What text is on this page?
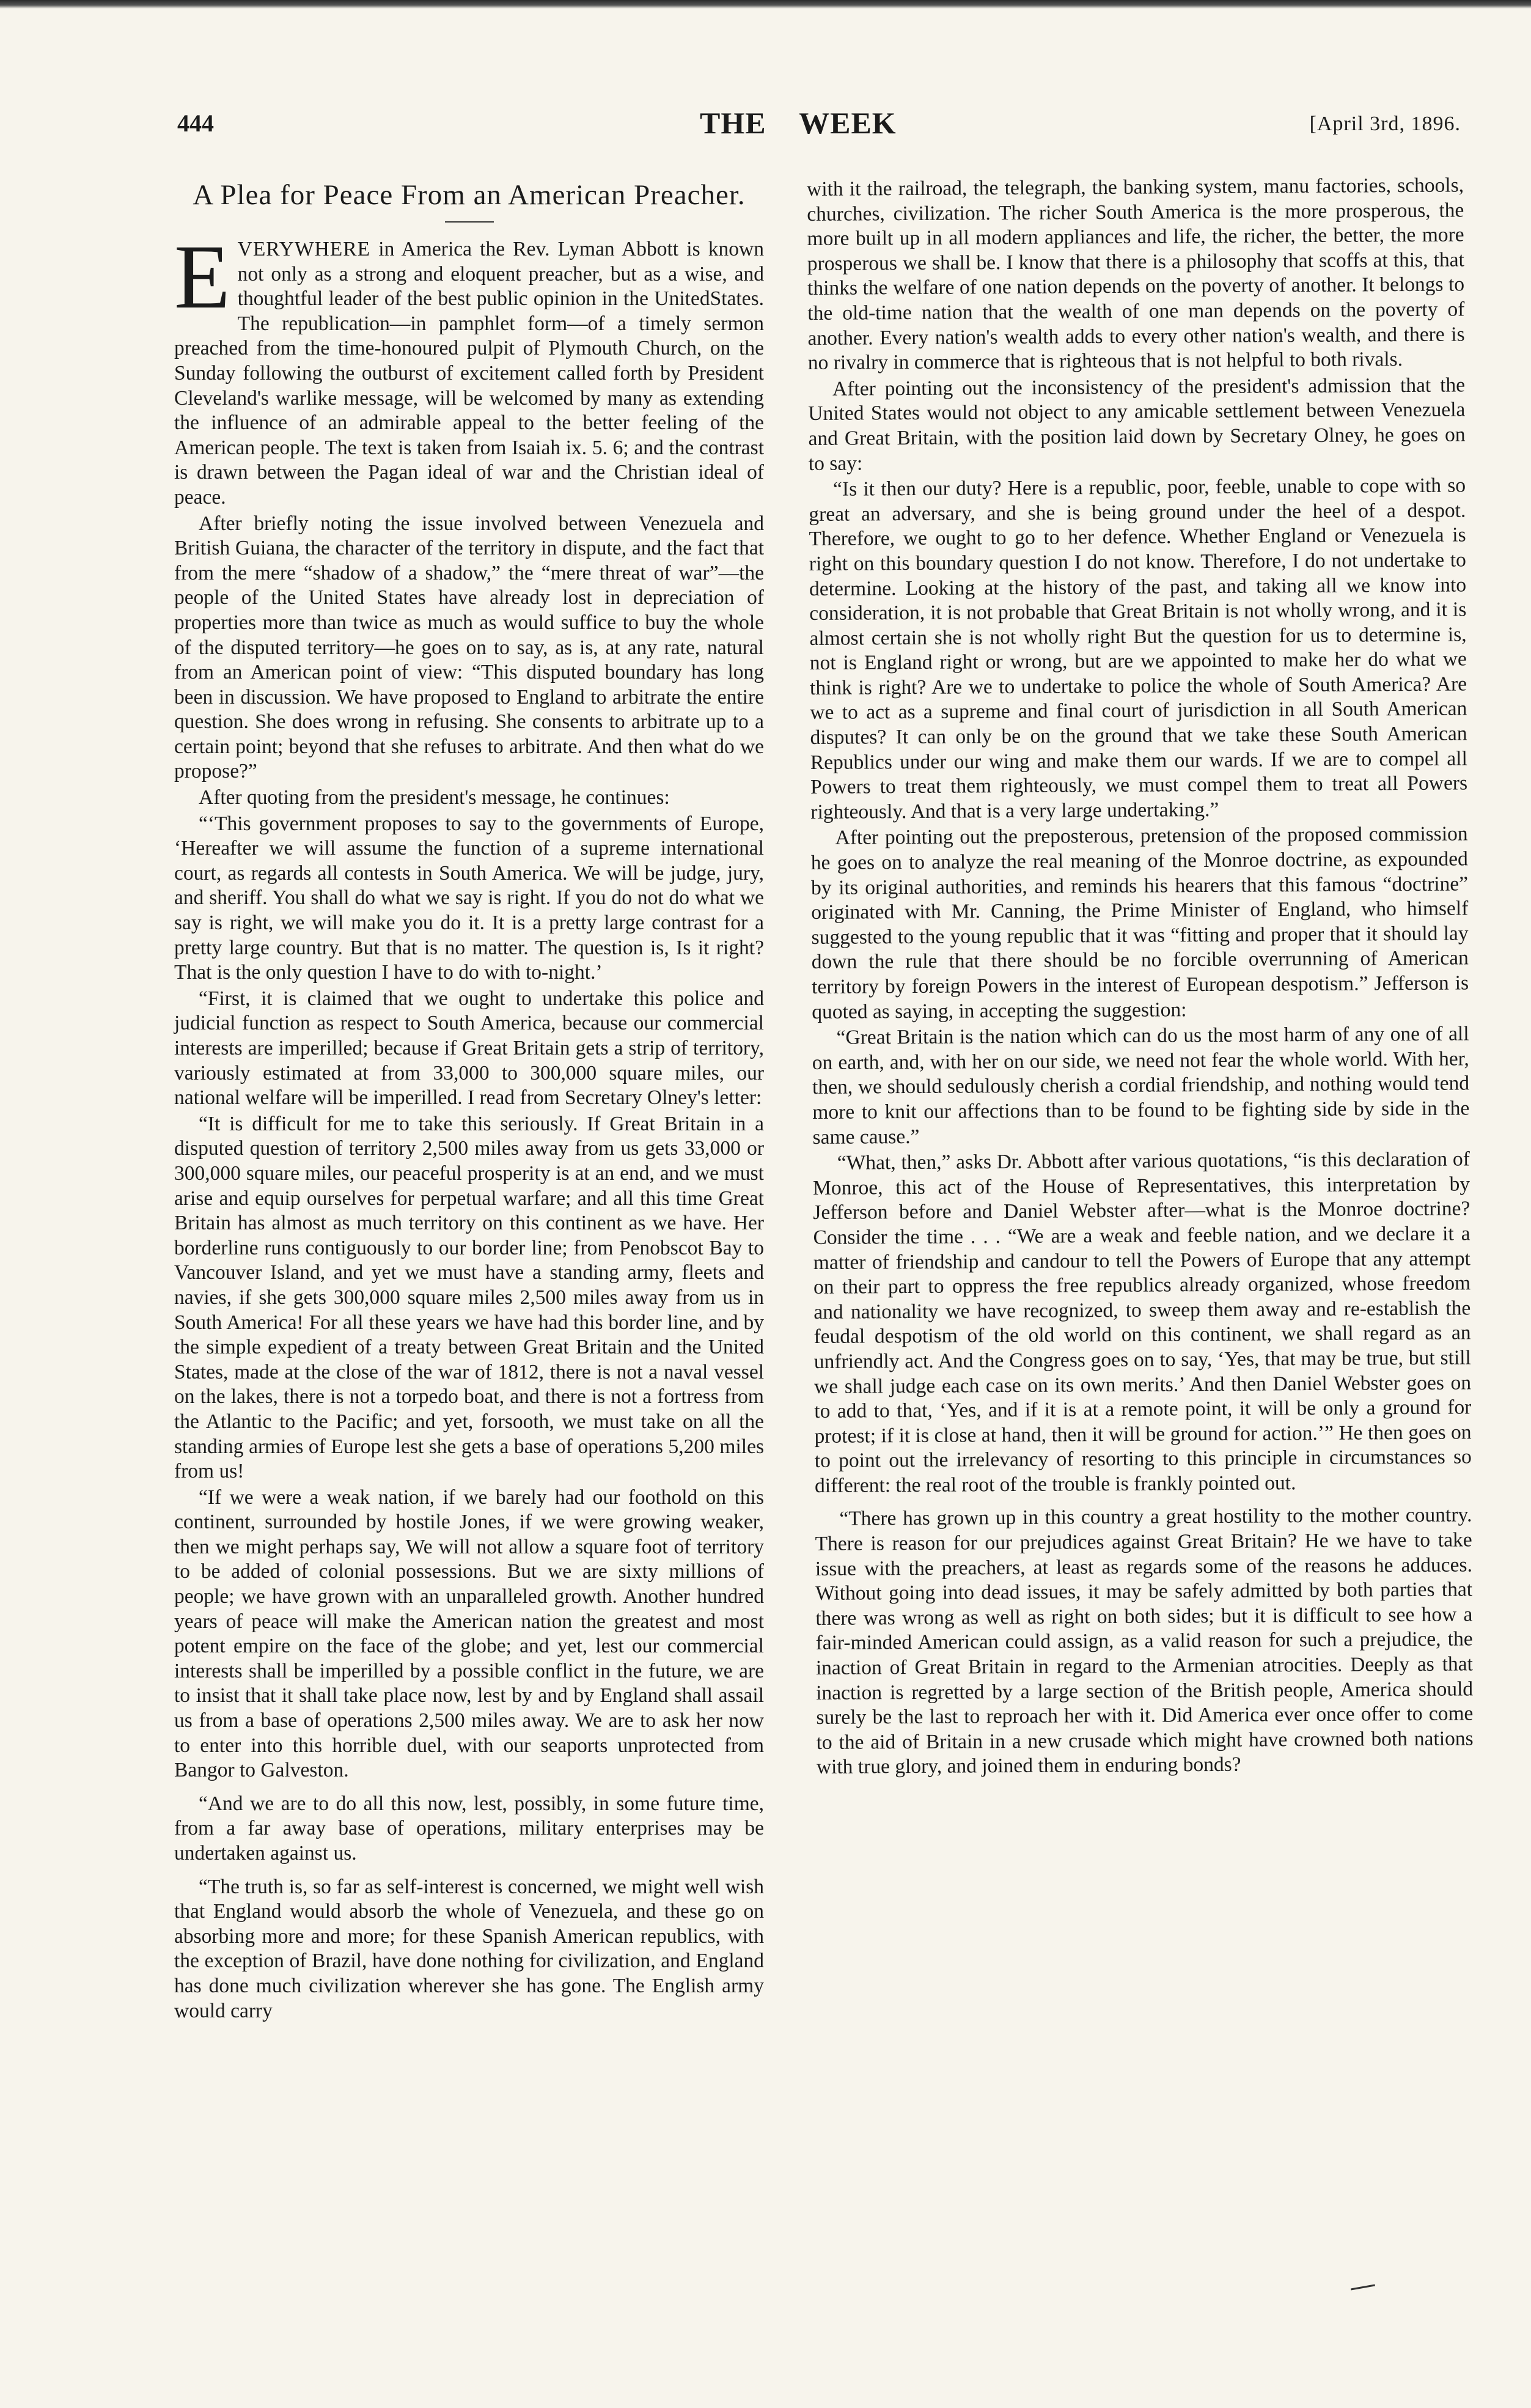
444	THE WEEK	[April 3rd, 1896.
A Plea for Peace From an American Preacher.

EVERYWHERE in America the Rev. Lyman Abbott is known not only as a strong and eloquent preacher, but as a wise, and thoughtful leader of the best public opinion in the UnitedStates. The republication—in pamphlet form—of a timely sermon preached from the time-honoured pulpit of Plymouth Church, on the Sunday following the outburst of excitement called forth by President Cleveland's warlike message, will be welcomed by many as extending the influence of an admirable appeal to the better feeling of the American people. The text is taken from Isaiah ix. 5. 6; and the contrast is drawn between the Pagan ideal of war and the Christian ideal of peace.

After briefly noting the issue involved between Venezuela and British Guiana, the character of the territory in dispute, and the fact that from the mere “shadow of a shadow,” the “mere threat of war”—the people of the United States have already lost in depreciation of properties more than twice as much as would suffice to buy the whole of the disputed territory—he goes on to say, as is, at any rate, natural from an American point of view: “This disputed boundary has long been in discussion. We have proposed to England to arbitrate the entire question. She does wrong in refusing. She consents to arbitrate up to a certain point; beyond that she refuses to arbitrate. And then what do we propose?”

After quoting from the president's message, he continues:

“‘This government proposes to say to the governments of Europe, ‘Hereafter we will assume the function of a supreme international court, as regards all contests in South America. We will be judge, jury, and sheriff. You shall do what we say is right. If you do not do what we say is right, we will make you do it. It is a pretty large contrast for a pretty large country. But that is no matter. The question is, Is it right? That is the only question I have to do with to-night.’

“First, it is claimed that we ought to undertake this police and judicial function as respect to South America, because our commercial interests are imperilled; because if Great Britain gets a strip of territory, variously estimated at from 33,000 to 300,000 square miles, our national welfare will be imperilled. I read from Secretary Olney's letter:

“It is difficult for me to take this seriously. If Great Britain in a disputed question of territory 2,500 miles away from us gets 33,000 or 300,000 square miles, our peaceful prosperity is at an end, and we must arise and equip ourselves for perpetual warfare; and all this time Great Britain has almost as much territory on this continent as we have. Her borderline runs contiguously to our border line; from Penobscot Bay to Vancouver Island, and yet we must have a standing army, fleets and navies, if she gets 300,000 square miles 2,500 miles away from us in South America! For all these years we have had this border line, and by the simple expedient of a treaty between Great Britain and the United States, made at the close of the war of 1812, there is not a naval vessel on the lakes, there is not a torpedo boat, and there is not a fortress from the Atlantic to the Pacific; and yet, forsooth, we must take on all the standing armies of Europe lest she gets a base of operations 5,200 miles from us!

“If we were a weak nation, if we barely had our foothold on this continent, surrounded by hostile Jones, if we were growing weaker, then we might perhaps say, We will not allow a square foot of territory to be added of colonial possessions. But we are sixty millions of people; we have grown with an unparalleled growth. Another hundred years of peace will make the American nation the greatest and most potent empire on the face of the globe; and yet, lest our commercial interests shall be imperilled by a possible conflict in the future, we are to insist that it shall take place now, lest by and by England shall assail us from a base of operations 2,500 miles away. We are to ask her now to enter into this horrible duel, with our seaports unprotected from Bangor to Galveston.

“And we are to do all this now, lest, possibly, in some future time, from a far away base of operations, military enterprises may be undertaken against us.

“The truth is, so far as self-interest is concerned, we might well wish that England would absorb the whole of Venezuela, and these go on absorbing more and more; for these Spanish American republics, with the exception of Brazil, have done nothing for civilization, and England has done much civilization wherever she has gone. The English army would carry

with it the railroad, the telegraph, the banking system, manu factories, schools, churches, civilization. The richer South America is the more prosperous, the more built up in all modern appliances and life, the richer, the better, the more prosperous we shall be. I know that there is a philosophy that scoffs at this, that thinks the welfare of one nation depends on the poverty of another. It belongs to the old-time nation that the wealth of one man depends on the poverty of another. Every nation's wealth adds to every other nation's wealth, and there is no rivalry in commerce that is righteous that is not helpful to both rivals.

After pointing out the inconsistency of the president's admission that the United States would not object to any amicable settlement between Venezuela and Great Britain, with the position laid down by Secretary Olney, he goes on to say:

“Is it then our duty? Here is a republic, poor, feeble, unable to cope with so great an adversary, and she is being ground under the heel of a despot. Therefore, we ought to go to her defence. Whether England or Venezuela is right on this boundary question I do not know. Therefore, I do not undertake to determine. Looking at the history of the past, and taking all we know into consideration, it is not probable that Great Britain is not wholly wrong, and it is almost certain she is not wholly right But the question for us to determine is, not is England right or wrong, but are we appointed to make her do what we think is right? Are we to undertake to police the whole of South America? Are we to act as a supreme and final court of jurisdiction in all South American disputes? It can only be on the ground that we take these South American Republics under our wing and make them our wards. If we are to compel all Powers to treat them righteously, we must compel them to treat all Powers righteously. And that is a very large undertaking.”

After pointing out the preposterous, pretension of the proposed commission he goes on to analyze the real meaning of the Monroe doctrine, as expounded by its original authorities, and reminds his hearers that this famous “doctrine” originated with Mr. Canning, the Prime Minister of England, who himself suggested to the young republic that it was “fitting and proper that it should lay down the rule that there should be no forcible overrunning of American territory by foreign Powers in the interest of European despotism.” Jefferson is quoted as saying, in accepting the suggestion:

“Great Britain is the nation which can do us the most harm of any one of all on earth, and, with her on our side, we need not fear the whole world. With her, then, we should sedulously cherish a cordial friendship, and nothing would tend more to knit our affections than to be found to be fighting side by side in the same cause.”

“What, then,” asks Dr. Abbott after various quotations, “is this declaration of Monroe, this act of the House of Representatives, this interpretation by Jefferson before and Daniel Webster after—what is the Monroe doctrine? Consider the time . . . “We are a weak and feeble nation, and we declare it a matter of friendship and candour to tell the Powers of Europe that any attempt on their part to oppress the free republics already organized, whose freedom and nationality we have recognized, to sweep them away and re-establish the feudal despotism of the old world on this continent, we shall regard as an unfriendly act. And the Congress goes on to say, ‘Yes, that may be true, but still we shall judge each case on its own merits.’ And then Daniel Webster goes on to add to that, ‘Yes, and if it is at a remote point, it will be only a ground for protest; if it is close at hand, then it will be ground for action.’” He then goes on to point out the irrelevancy of resorting to this principle in circumstances so different: the real root of the trouble is frankly pointed out.

“There has grown up in this country a great hostility to the mother country. There is reason for our prejudices against Great Britain? He we have to take issue with the preachers, at least as regards some of the reasons he adduces. Without going into dead issues, it may be safely admitted by both parties that there was wrong as well as right on both sides; but it is difficult to see how a fair-minded American could assign, as a valid reason for such a prejudice, the inaction of Great Britain in regard to the Armenian atrocities. Deeply as that inaction is regretted by a large section of the British people, America should surely be the last to reproach her with it. Did America ever once offer to come to the aid of Britain in a new crusade which might have crowned both nations with true glory, and joined them in enduring bonds?
